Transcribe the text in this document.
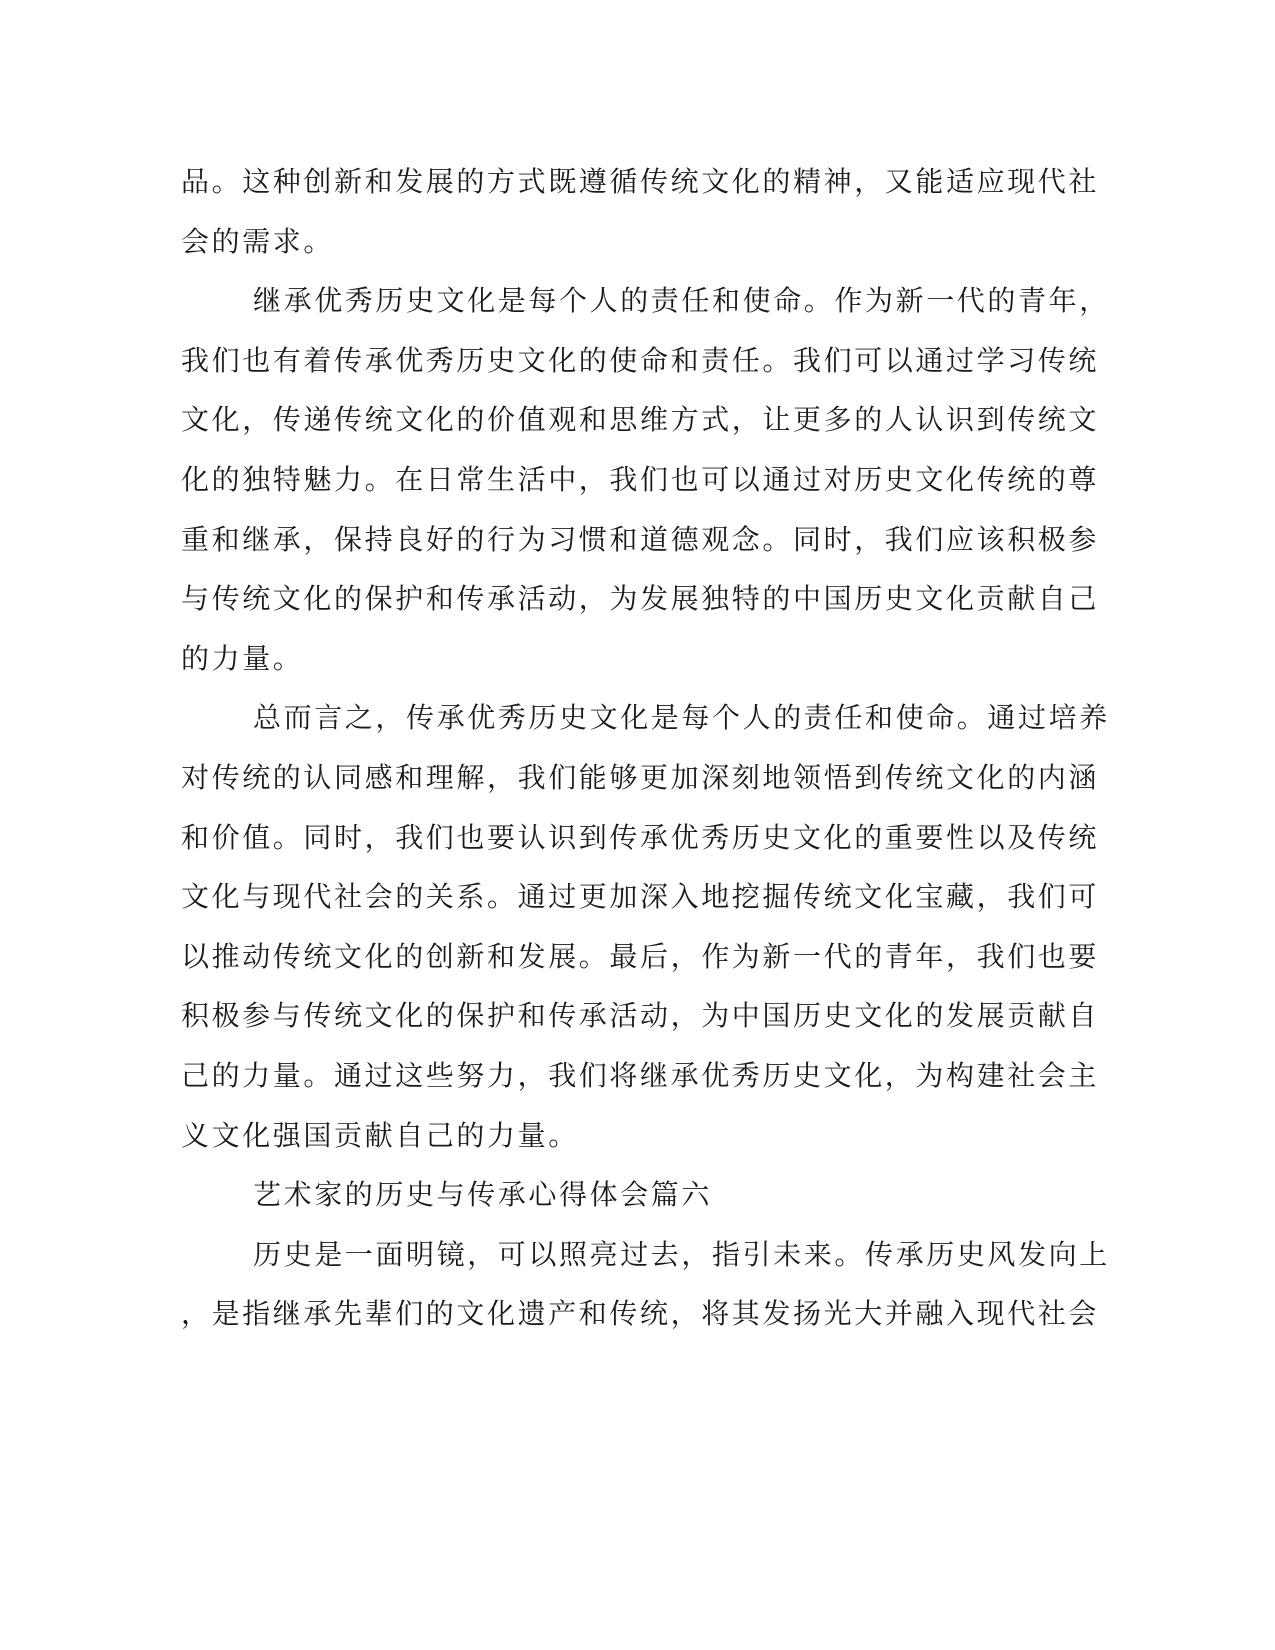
品。这种创新和发展的方式既遵循传统文化的精神，又能适应现代社
会的需求。
继承优秀历史文化是每个人的责任和使命。作为新一代的青年，
我们也有着传承优秀历史文化的使命和责任。我们可以通过学习传统
文化，传递传统文化的价值观和思维方式，让更多的人认识到传统文
化的独特魅力。在日常生活中，我们也可以通过对历史文化传统的尊
重和继承，保持良好的行为习惯和道德观念。同时，我们应该积极参
与传统文化的保护和传承活动，为发展独特的中国历史文化贡献自己
的力量。
总而言之，传承优秀历史文化是每个人的责任和使命。通过培养
对传统的认同感和理解，我们能够更加深刻地领悟到传统文化的内涵
和价值。同时，我们也要认识到传承优秀历史文化的重要性以及传统
文化与现代社会的关系。通过更加深入地挖掘传统文化宝藏，我们可
以推动传统文化的创新和发展。最后，作为新一代的青年，我们也要
积极参与传统文化的保护和传承活动，为中国历史文化的发展贡献自
己的力量。通过这些努力，我们将继承优秀历史文化，为构建社会主
义文化强国贡献自己的力量。
艺术家的历史与传承心得体会篇六
历史是一面明镜，可以照亮过去，指引未来。传承历史风发向上
，是指继承先辈们的文化遗产和传统，将其发扬光大并融入现代社会
